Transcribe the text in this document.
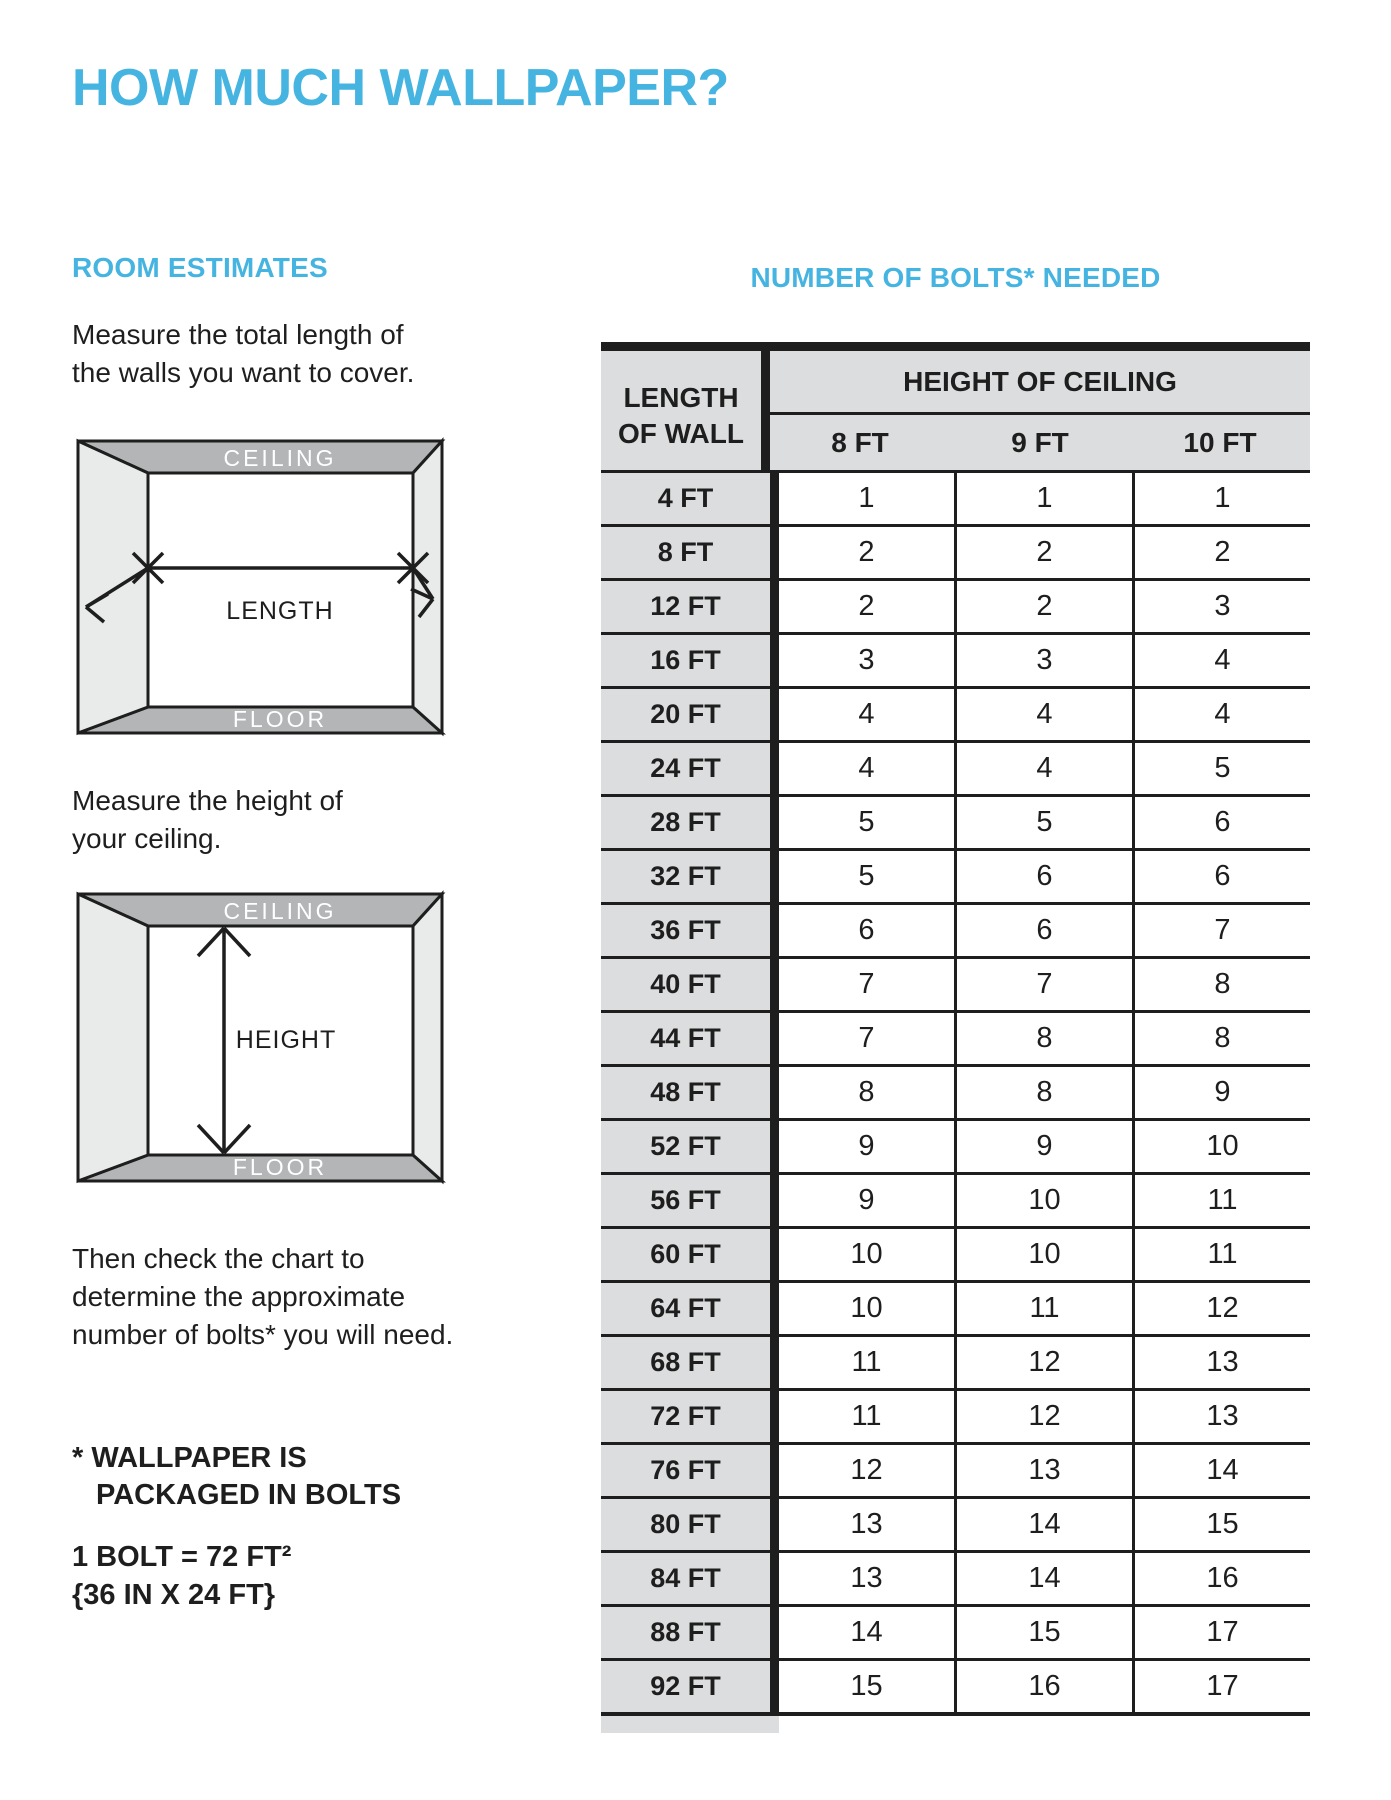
HOW MUCH WALLPAPER?
ROOM ESTIMATES
Measure the total length of
the walls you want to cover.
CEILING
FLOOR
LENGTH
Measure the height of
your ceiling.
CEILING
FLOOR
HEIGHT
Then check the chart to
determine the approximate
number of bolts* you will need.
* WALLPAPER IS
PACKAGED IN BOLTS
1 BOLT = 72 FT²
{36 IN X 24 FT}
NUMBER OF BOLTS* NEEDED
LENGTH
OF WALL
HEIGHT OF CEILING
8 FT	9 FT	10 FT
4 FT	1	1	1
8 FT	2	2	2
12 FT	2	2	3
16 FT	3	3	4
20 FT	4	4	4
24 FT	4	4	5
28 FT	5	5	6
32 FT	5	6	6
36 FT	6	6	7
40 FT	7	7	8
44 FT	7	8	8
48 FT	8	8	9
52 FT	9	9	10
56 FT	9	10	11
60 FT	10	10	11
64 FT	10	11	12
68 FT	11	12	13
72 FT	11	12	13
76 FT	12	13	14
80 FT	13	14	15
84 FT	13	14	16
88 FT	14	15	17
92 FT	15	16	17
